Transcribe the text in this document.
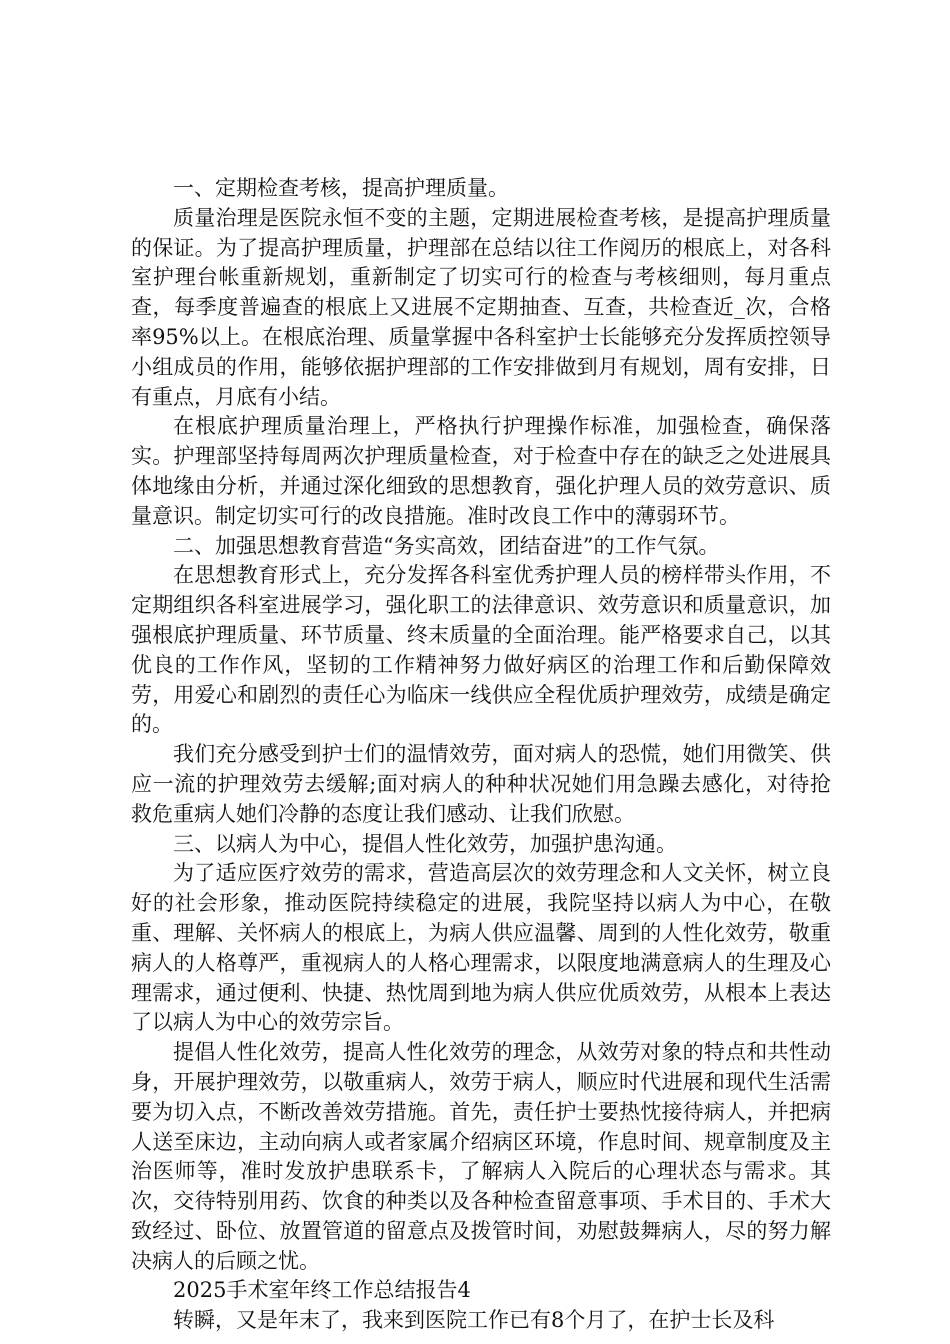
一、定期检查考核，提高护理质量。

质量治理是医院永恒不变的主题，定期进展检查考核，是提高护理质量的保证。为了提高护理质量，护理部在总结以往工作阅历的根底上，对各科室护理台帐重新规划，重新制定了切实可行的检查与考核细则，每月重点查，每季度普遍查的根底上又进展不定期抽查、互查，共检查近_次，合格率95%以上。在根底治理、质量掌握中各科室护士长能够充分发挥质控领导小组成员的作用，能够依据护理部的工作安排做到月有规划，周有安排，日有重点，月底有小结。

在根底护理质量治理上，严格执行护理操作标准，加强检查，确保落实。护理部坚持每周两次护理质量检查，对于检查中存在的缺乏之处进展具体地缘由分析，并通过深化细致的思想教育，强化护理人员的效劳意识、质量意识。制定切实可行的改良措施。准时改良工作中的薄弱环节。

二、加强思想教育营造“务实高效，团结奋进”的工作气氛。

在思想教育形式上，充分发挥各科室优秀护理人员的榜样带头作用，不定期组织各科室进展学习，强化职工的法律意识、效劳意识和质量意识，加强根底护理质量、环节质量、终末质量的全面治理。能严格要求自己，以其优良的工作作风，坚韧的工作精神努力做好病区的治理工作和后勤保障效劳，用爱心和剧烈的责任心为临床一线供应全程优质护理效劳，成绩是确定的。

我们充分感受到护士们的温情效劳，面对病人的恐慌，她们用微笑、供应一流的护理效劳去缓解;面对病人的种种状况她们用急躁去感化，对待抢救危重病人她们冷静的态度让我们感动、让我们欣慰。

三、以病人为中心，提倡人性化效劳，加强护患沟通。

为了适应医疗效劳的需求，营造高层次的效劳理念和人文关怀，树立良好的社会形象，推动医院持续稳定的进展，我院坚持以病人为中心，在敬重、理解、关怀病人的根底上，为病人供应温馨、周到的人性化效劳，敬重病人的人格尊严，重视病人的人格心理需求，以限度地满意病人的生理及心理需求，通过便利、快捷、热忱周到地为病人供应优质效劳，从根本上表达了以病人为中心的效劳宗旨。

提倡人性化效劳，提高人性化效劳的理念，从效劳对象的特点和共性动身，开展护理效劳，以敬重病人，效劳于病人，顺应时代进展和现代生活需要为切入点，不断改善效劳措施。首先，责任护士要热忱接待病人，并把病人送至床边，主动向病人或者家属介绍病区环境，作息时间、规章制度及主治医师等，准时发放护患联系卡，了解病人入院后的心理状态与需求。其次，交待特别用药、饮食的种类以及各种检查留意事项、手术目的、手术大致经过、卧位、放置管道的留意点及拨管时间，劝慰鼓舞病人，尽的努力解决病人的后顾之忧。

2025手术室年终工作总结报告4

转瞬，又是年末了，我来到医院工作已有8个月了，在护士长及科
